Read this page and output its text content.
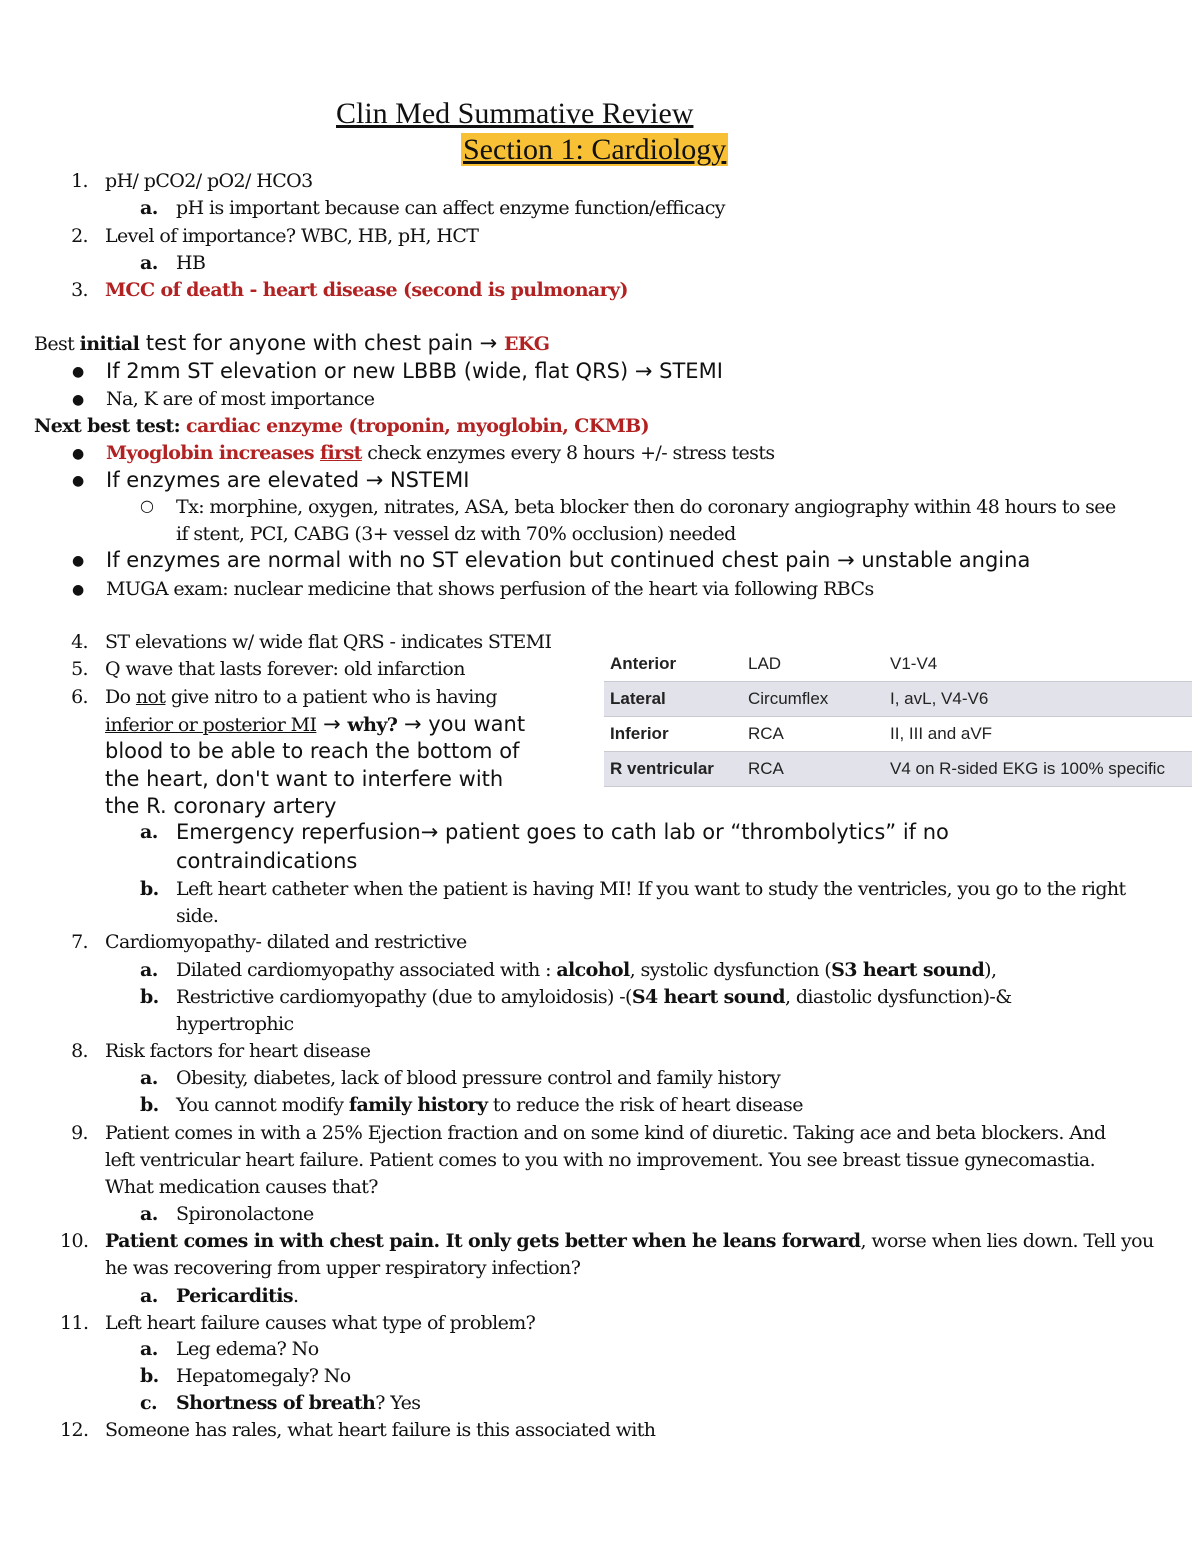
Clin Med Summative Review
Section 1: Cardiology
1. pH/ pCO2/ pO2/ HCO3
a. pH is important because can affect enzyme function/efficacy
2. Level of importance? WBC, HB, pH, HCT
a. HB
3. MCC of death - heart disease (second is pulmonary)
Best initial test for anyone with chest pain → EKG
● If 2mm ST elevation or new LBBB (wide, flat QRS) → STEMI
● Na, K are of most importance
Next best test: cardiac enzyme (troponin, myoglobin, CKMB)
● Myoglobin increases first check enzymes every 8 hours +/- stress tests
● If enzymes are elevated → NSTEMI
○ Tx: morphine, oxygen, nitrates, ASA, beta blocker then do coronary angiography within 48 hours to see
if stent, PCI, CABG (3+ vessel dz with 70% occlusion) needed
● If enzymes are normal with no ST elevation but continued chest pain → unstable angina
● MUGA exam: nuclear medicine that shows perfusion of the heart via following RBCs
4. ST elevations w/ wide flat QRS - indicates STEMI
5. Q wave that lasts forever: old infarction
6. Do not give nitro to a patient who is having
inferior or posterior MI → why? → you want
blood to be able to reach the bottom of
the heart, don't want to interfere with
the R. coronary artery
a. Emergency reperfusion→ patient goes to cath lab or “thrombolytics” if no
contraindications
b. Left heart catheter when the patient is having MI! If you want to study the ventricles, you go to the right
side.
Anterior	LAD	V1-V4
Lateral	Circumflex	I, avL, V4-V6
Inferior	RCA	II, III and aVF
R ventricular	RCA	V4 on R-sided EKG is 100% specific
7. Cardiomyopathy- dilated and restrictive
a. Dilated cardiomyopathy associated with : alcohol, systolic dysfunction (S3 heart sound),
b. Restrictive cardiomyopathy (due to amyloidosis) -(S4 heart sound, diastolic dysfunction)-&
hypertrophic
8. Risk factors for heart disease
a. Obesity, diabetes, lack of blood pressure control and family history
b. You cannot modify family history to reduce the risk of heart disease
9. Patient comes in with a 25% Ejection fraction and on some kind of diuretic. Taking ace and beta blockers. And
left ventricular heart failure. Patient comes to you with no improvement. You see breast tissue gynecomastia.
What medication causes that?
a. Spironolactone
10. Patient comes in with chest pain. It only gets better when he leans forward, worse when lies down. Tell you
he was recovering from upper respiratory infection?
a. Pericarditis.
11. Left heart failure causes what type of problem?
a. Leg edema? No
b. Hepatomegaly? No
c. Shortness of breath? Yes
12. Someone has rales, what heart failure is this associated with
